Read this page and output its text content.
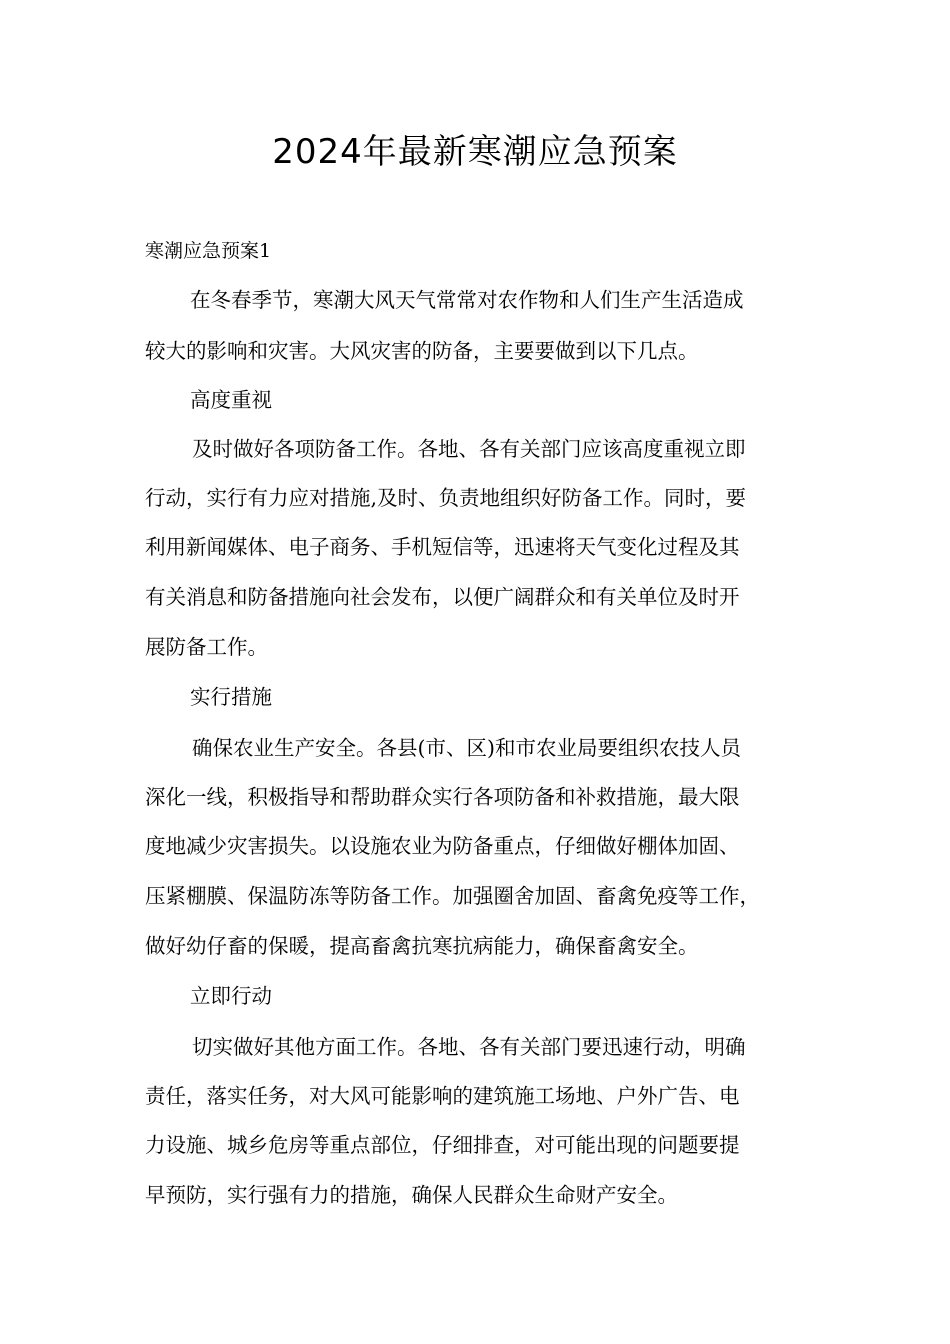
2024年最新寒潮应急预案
寒潮应急预案1
在冬春季节，寒潮大风天气常常对农作物和人们生产生活造成
较大的影响和灾害。大风灾害的防备，主要要做到以下几点。
高度重视
及时做好各项防备工作。各地、各有关部门应该高度重视立即
行动，实行有力应对措施,及时、负责地组织好防备工作。同时，要
利用新闻媒体、电子商务、手机短信等，迅速将天气变化过程及其
有关消息和防备措施向社会发布，以便广阔群众和有关单位及时开
展防备工作。
实行措施
确保农业生产安全。各县(市、区)和市农业局要组织农技人员
深化一线，积极指导和帮助群众实行各项防备和补救措施，最大限
度地减少灾害损失。以设施农业为防备重点，仔细做好棚体加固、
压紧棚膜、保温防冻等防备工作。加强圈舍加固、畜禽免疫等工作，
做好幼仔畜的保暖，提高畜禽抗寒抗病能力，确保畜禽安全。
立即行动
切实做好其他方面工作。各地、各有关部门要迅速行动，明确
责任，落实任务，对大风可能影响的建筑施工场地、户外广告、电
力设施、城乡危房等重点部位，仔细排查，对可能出现的问题要提
早预防，实行强有力的措施，确保人民群众生命财产安全。
